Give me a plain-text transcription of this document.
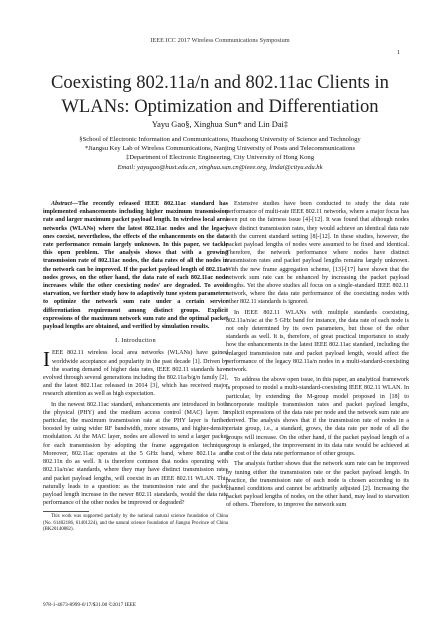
IEEE ICC 2017 Wireless Communications Symposium
1
Coexisting 802.11a/n and 802.11ac Clients in WLANs: Optimization and Differentiation
Yayu Gao§, Xinghua Sun* and Lin Dai‡
§School of Electronic Information and Communications, Huazhong University of Science and Technology
*Jiangsu Key Lab of Wireless Communications, Nanjing University of Posts and Telecommunications
‡Department of Electronic Engineering, City University of Hong Kong
Email: yayugao@hust.edu.cn, xinghua.sun.cn@ieee.org, lindai@cityu.edu.hk

Abstract—The recently released IEEE 802.11ac standard has implemented enhancements including higher maximum transmission rate and larger maximum packet payload length. In wireless local area networks (WLANs) where the latest 802.11ac nodes and the legacy ones coexist, nevertheless, the effects of the enhancements on the data rate performance remain largely unknown. In this paper, we tackle this open problem. The analysis shows that with a growing transmission rate of 802.11ac nodes, the data rates of all the nodes in the network can be improved. If the packet payload length of 802.11ac nodes grows, on the other hand, the data rate of each 802.11ac node increases while the other coexisting nodes' are degraded. To avoid starvation, we further study how to adaptively tune system parameters to optimize the network sum rate under a certain service differentiation requirement among distinct groups. Explicit expressions of the maximum network sum rate and the optimal packet payload lengths are obtained, and verified by simulation results.

I. Introduction

IEEE 802.11 wireless local area networks (WLANs) have gained worldwide acceptance and popularity in the past decade [1]. Driven by the soaring demand of higher data rates, IEEE 802.11 standards have evolved through several generations including the 802.11a/b/g/n family [2], and the latest 802.11ac released in 2014 [3], which has received major research attention as well as high expectation.

In the newest 802.11ac standard, enhancements are introduced in both the physical (PHY) and the medium access control (MAC) layer. In particular, the maximum transmission rate at the PHY layer is further boosted by using wider RF bandwidth, more streams, and higher-density modulation. At the MAC layer, nodes are allowed to send a larger packet for each transmission by adopting the frame aggregation technique. Moreover, 802.11ac operates at the 5 GHz band, where 802.11a and 802.11n do as well. It is therefore common that nodes operating with 802.11a/n/ac standards, where they may have distinct transmission rates and packet payload lengths, will coexist in an IEEE 802.11 WLAN. This naturally leads to a question: as the transmission rate and the packet payload length increase in the newer 802.11 standards, would the data rate performance of the other nodes be improved or degraded?

This work was supported partially by the national natural science foundation of China (No. 61402186, 61401224), and the natural science foundation of Jiangsu Province of China (BK20140882).

Extensive studies have been conducted to study the data rate performance of multi-rate IEEE 802.11 networks, where a major focus has been put on the fairness issue [4]-[12]. It was found that although nodes have distinct transmission rates, they would achieve an identical data rate with the current standard setting [8]-[12]. In these studies, however, the packet payload lengths of nodes were assumed to be fixed and identical. Therefore, the network performance where nodes have distinct transmission rates and packet payload lengths remains largely unknown. With the new frame aggregation scheme, [13]-[17] have shown that the network sum rate can be enhanced by increasing the packet payload lengths. Yet the above studies all focus on a single-standard IEEE 802.11 network, where the data rate performance of the coexisting nodes with other 802.11 standards is ignored.

In IEEE 802.11 WLANs with multiple standards coexisting, 802.11a/n/ac at the 5 GHz band for instance, the data rate of each node is not only determined by its own parameters, but those of the other standards as well. It is, therefore, of great practical importance to study how the enhancements in the latest IEEE 802.11ac standard, including the enlarged transmission rate and packet payload length, would affect the performance of the legacy 802.11a/n nodes in a multi-standard-coexisting network.

To address the above open issue, in this paper, an analytical framework is proposed to model a multi-standard-coexisting IEEE 802.11 WLAN. In particular, by extending the M-group model proposed in [18] to incorporate multiple transmission rates and packet payload lengths, explicit expressions of the data rate per node and the network sum rate are derived. The analysis shows that if the transmission rate of nodes in a certain group, i.e., a standard, grows, the data rate per node of all the groups will increase. On the other hand, if the packet payload length of a group is enlarged, the improvement in its data rate would be achieved at the cost of the data rate performance of other groups.

The analysis further shows that the network sum rate can be improved by tuning either the transmission rate or the packet payload length. In practice, the transmission rate of each node is chosen according to its channel conditions and cannot be arbitrarily adjusted [2]. Increasing the packet payload lengths of nodes, on the other hand, may lead to starvation of others. Therefore, to improve the network sum

978-1-4673-8999-0/17/$31.00 ©2017 IEEE
